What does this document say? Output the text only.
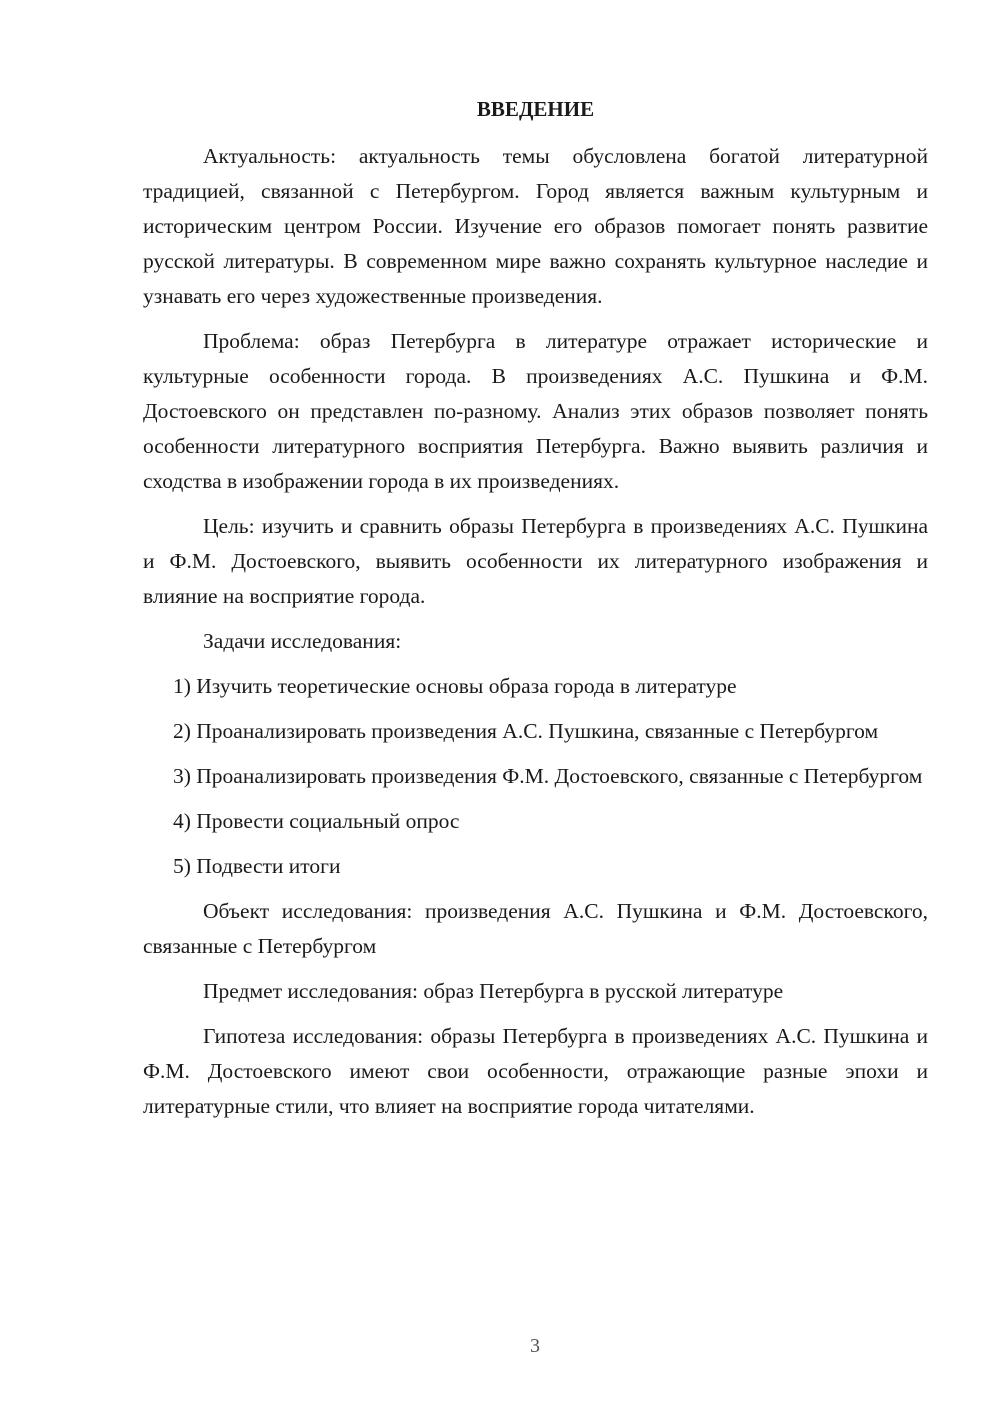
ВВЕДЕНИЕ

Актуальность: актуальность темы обусловлена богатой литературной традицией, связанной с Петербургом. Город является важным культурным и историческим центром России. Изучение его образов помогает понять развитие русской литературы. В современном мире важно сохранять культурное наследие и узнавать его через художественные произведения.

Проблема: образ Петербурга в литературе отражает исторические и культурные особенности города. В произведениях А.С. Пушкина и Ф.М. Достоевского он представлен по-разному. Анализ этих образов позволяет понять особенности литературного восприятия Петербурга. Важно выявить различия и сходства в изображении города в их произведениях.

Цель: изучить и сравнить образы Петербурга в произведениях А.С. Пушкина и Ф.М. Достоевского, выявить особенности их литературного изображения и влияние на восприятие города.

Задачи исследования:

1) Изучить теоретические основы образа города в литературе

2) Проанализировать произведения А.С. Пушкина, связанные с Петербургом

3) Проанализировать произведения Ф.М. Достоевского, связанные с Петербургом

4) Провести социальный опрос

5) Подвести итоги

Объект исследования: произведения А.С. Пушкина и Ф.М. Достоевского, связанные с Петербургом

Предмет исследования: образ Петербурга в русской литературе

Гипотеза исследования: образы Петербурга в произведениях А.С. Пушкина и Ф.М. Достоевского имеют свои особенности, отражающие разные эпохи и литературные стили, что влияет на восприятие города читателями.

3
